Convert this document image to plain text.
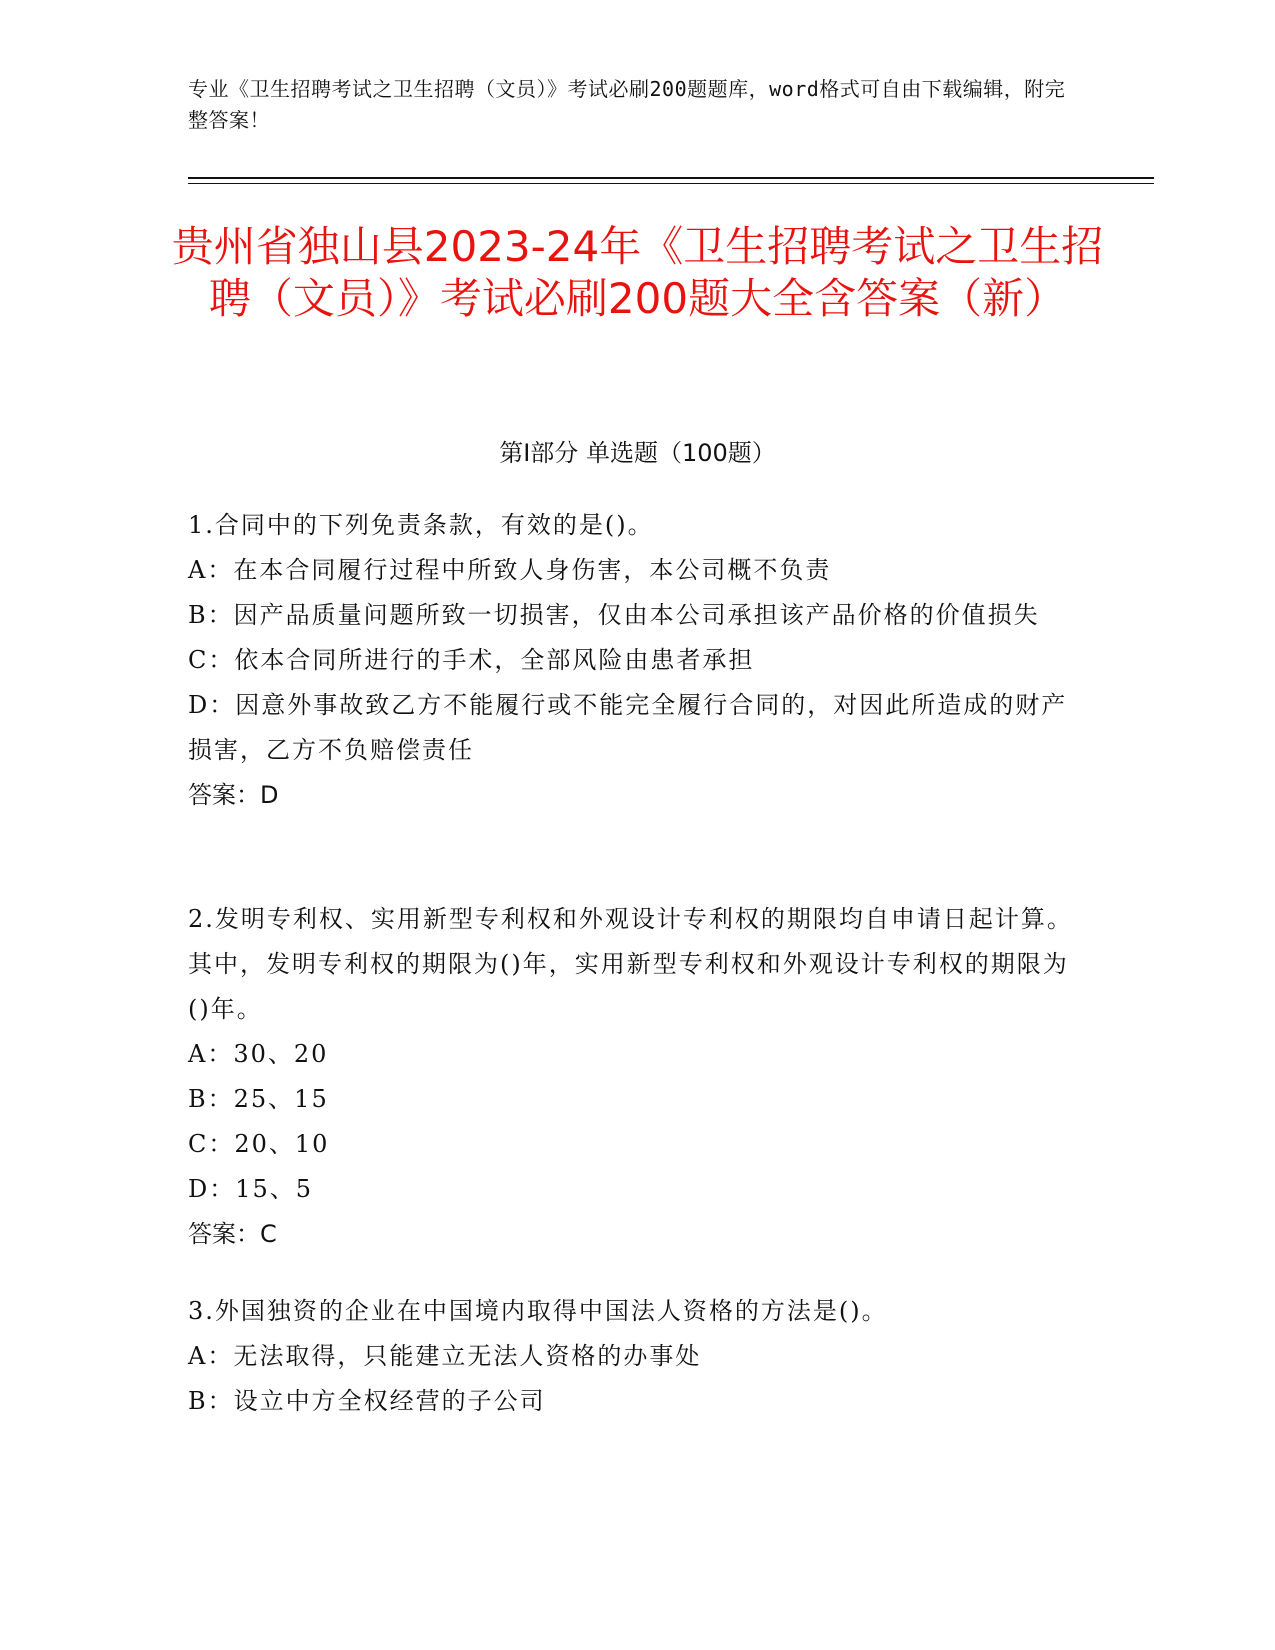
专业《卫生招聘考试之卫生招聘（文员）》考试必刷200题题库，word格式可自由下载编辑，附完整答案！
贵州省独山县2023-24年《卫生招聘考试之卫生招聘（文员）》考试必刷200题大全含答案（新）
第Ⅰ部分 单选题（100题）

1.合同中的下列免责条款，有效的是()。

A：在本合同履行过程中所致人身伤害，本公司概不负责

B：因产品质量问题所致一切损害，仅由本公司承担该产品价格的价值损失

C：依本合同所进行的手术，全部风险由患者承担

D：因意外事故致乙方不能履行或不能完全履行合同的，对因此所造成的财产损害，乙方不负赔偿责任

答案：D

2.发明专利权、实用新型专利权和外观设计专利权的期限均自申请日起计算。其中，发明专利权的期限为()年，实用新型专利权和外观设计专利权的期限为()年。

A：30、20

B：25、15

C：20、10

D：15、5

答案：C

3.外国独资的企业在中国境内取得中国法人资格的方法是()。

A：无法取得，只能建立无法人资格的办事处

B：设立中方全权经营的子公司
